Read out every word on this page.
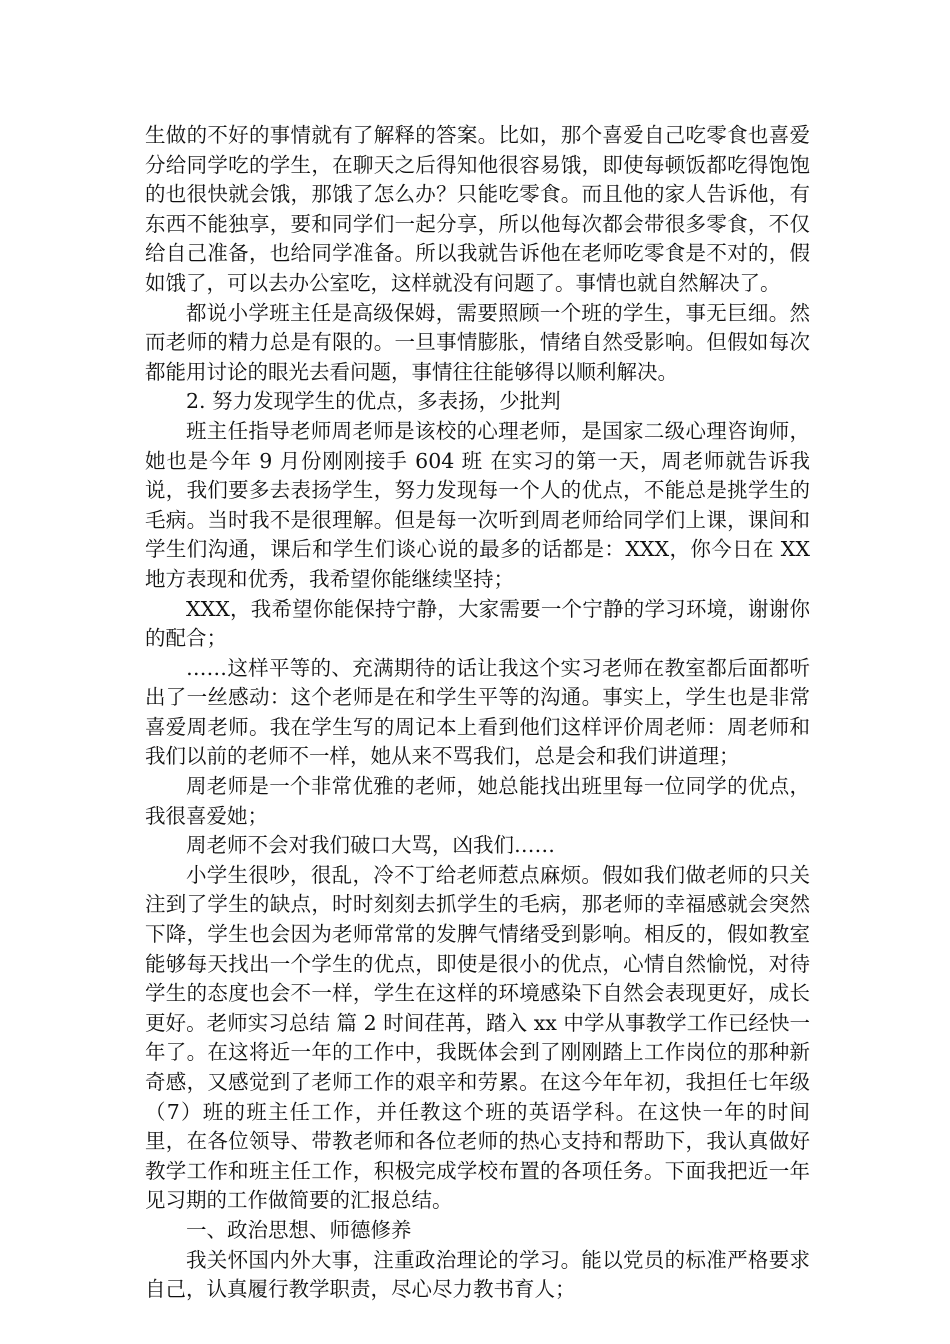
生做的不好的事情就有了解释的答案。比如，那个喜爱自己吃零食也喜爱分给同学吃的学生，在聊天之后得知他很容易饿，即使每顿饭都吃得饱饱的也很快就会饿，那饿了怎么办？只能吃零食。而且他的家人告诉他，有东西不能独享，要和同学们一起分享，所以他每次都会带很多零食，不仅给自己准备，也给同学准备。所以我就告诉他在老师吃零食是不对的，假如饿了，可以去办公室吃，这样就没有问题了。事情也就自然解决了。

都说小学班主任是高级保姆，需要照顾一个班的学生，事无巨细。然而老师的精力总是有限的。一旦事情膨胀，情绪自然受影响。但假如每次都能用讨论的眼光去看问题，事情往往能够得以顺利解决。

2. 努力发现学生的优点，多表扬，少批判

班主任指导老师周老师是该校的心理老师，是国家二级心理咨询师，她也是今年 9 月份刚刚接手 604 班 在实习的第一天，周老师就告诉我说，我们要多去表扬学生，努力发现每一个人的优点，不能总是挑学生的毛病。当时我不是很理解。但是每一次听到周老师给同学们上课，课间和学生们沟通，课后和学生们谈心说的最多的话都是：XXX，你今日在 XX 地方表现和优秀，我希望你能继续坚持；

XXX，我希望你能保持宁静，大家需要一个宁静的学习环境，谢谢你的配合；

……这样平等的、充满期待的话让我这个实习老师在教室都后面都听出了一丝感动：这个老师是在和学生平等的沟通。事实上，学生也是非常喜爱周老师。我在学生写的周记本上看到他们这样评价周老师：周老师和我们以前的老师不一样，她从来不骂我们，总是会和我们讲道理；

周老师是一个非常优雅的老师，她总能找出班里每一位同学的优点，我很喜爱她；

周老师不会对我们破口大骂，凶我们……

小学生很吵，很乱，冷不丁给老师惹点麻烦。假如我们做老师的只关注到了学生的缺点，时时刻刻去抓学生的毛病，那老师的幸福感就会突然下降，学生也会因为老师常常的发脾气情绪受到影响。相反的，假如教室能够每天找出一个学生的优点，即使是很小的优点，心情自然愉悦，对待学生的态度也会不一样，学生在这样的环境感染下自然会表现更好，成长更好。老师实习总结 篇 2 时间荏苒，踏入 xx 中学从事教学工作已经快一年了。在这将近一年的工作中，我既体会到了刚刚踏上工作岗位的那种新奇感，又感觉到了老师工作的艰辛和劳累。在这今年年初，我担任七年级（7）班的班主任工作，并任教这个班的英语学科。在这快一年的时间里，在各位领导、带教老师和各位老师的热心支持和帮助下，我认真做好教学工作和班主任工作，积极完成学校布置的各项任务。下面我把近一年见习期的工作做简要的汇报总结。

一、政治思想、师德修养

我关怀国内外大事，注重政治理论的学习。能以党员的标准严格要求自己，认真履行教学职责，尽心尽力教书育人；
